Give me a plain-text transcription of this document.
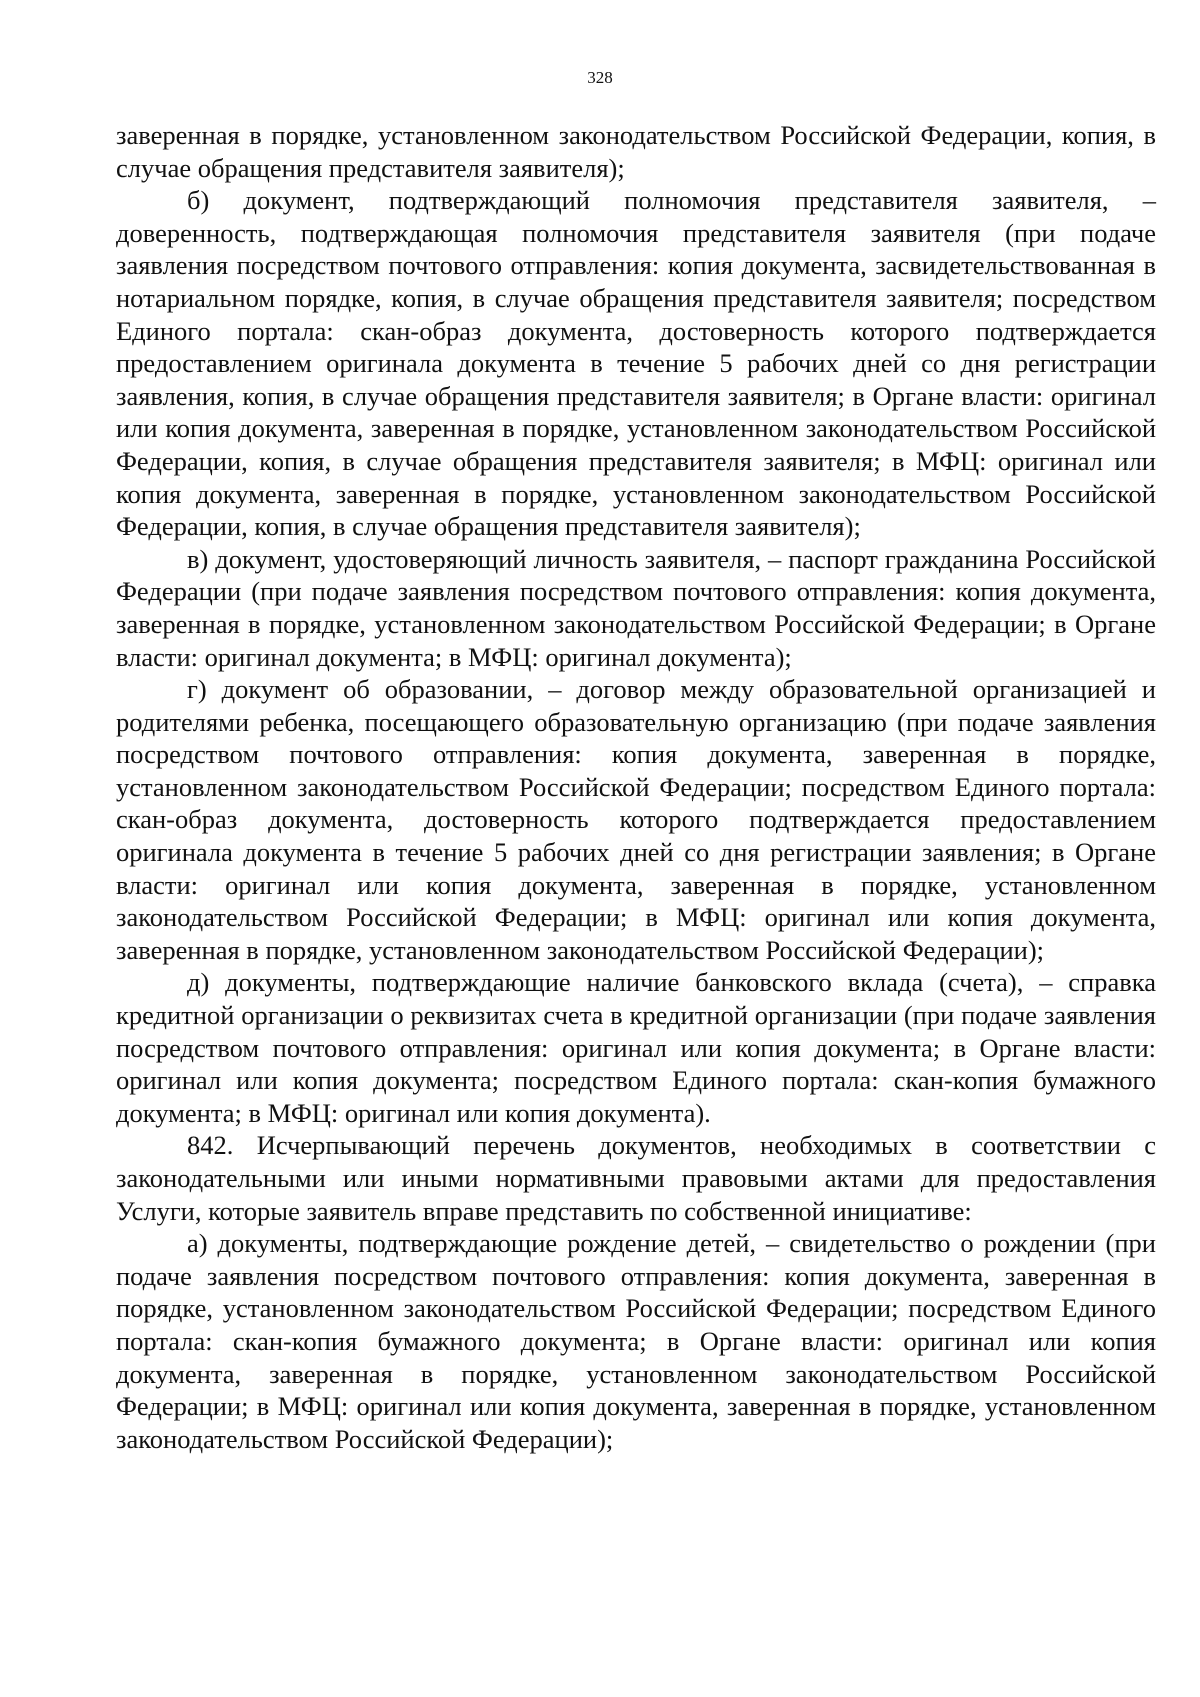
328

заверенная в порядке, установленном законодательством Российской Федерации, копия, в случае обращения представителя заявителя);

б) документ, подтверждающий полномочия представителя заявителя, – доверенность, подтверждающая полномочия представителя заявителя (при подаче заявления посредством почтового отправления: копия документа, засвидетельствованная в нотариальном порядке, копия, в случае обращения представителя заявителя; посредством Единого портала: скан-образ документа, достоверность которого подтверждается предоставлением оригинала документа в течение 5 рабочих дней со дня регистрации заявления, копия, в случае обращения представителя заявителя; в Органе власти: оригинал или копия документа, заверенная в порядке, установленном законодательством Российской Федерации, копия, в случае обращения представителя заявителя; в МФЦ: оригинал или копия документа, заверенная в порядке, установленном законодательством Российской Федерации, копия, в случае обращения представителя заявителя);

в) документ, удостоверяющий личность заявителя, – паспорт гражданина Российской Федерации (при подаче заявления посредством почтового отправления: копия документа, заверенная в порядке, установленном законодательством Российской Федерации; в Органе власти: оригинал документа; в МФЦ: оригинал документа);

г) документ об образовании, – договор между образовательной организацией и родителями ребенка, посещающего образовательную организацию (при подаче заявления посредством почтового отправления: копия документа, заверенная в порядке, установленном законодательством Российской Федерации; посредством Единого портала: скан-образ документа, достоверность которого подтверждается предоставлением оригинала документа в течение 5 рабочих дней со дня регистрации заявления; в Органе власти: оригинал или копия документа, заверенная в порядке, установленном законодательством Российской Федерации; в МФЦ: оригинал или копия документа, заверенная в порядке, установленном законодательством Российской Федерации);

д) документы, подтверждающие наличие банковского вклада (счета), – справка кредитной организации о реквизитах счета в кредитной организации (при подаче заявления посредством почтового отправления: оригинал или копия документа; в Органе власти: оригинал или копия документа; посредством Единого портала: скан-копия бумажного документа; в МФЦ: оригинал или копия документа).

842. Исчерпывающий перечень документов, необходимых в соответствии с законодательными или иными нормативными правовыми актами для предоставления Услуги, которые заявитель вправе представить по собственной инициативе:

а) документы, подтверждающие рождение детей, – свидетельство о рождении (при подаче заявления посредством почтового отправления: копия документа, заверенная в порядке, установленном законодательством Российской Федерации; посредством Единого портала: скан-копия бумажного документа; в Органе власти: оригинал или копия документа, заверенная в порядке, установленном законодательством Российской Федерации; в МФЦ: оригинал или копия документа, заверенная в порядке, установленном законодательством Российской Федерации);
